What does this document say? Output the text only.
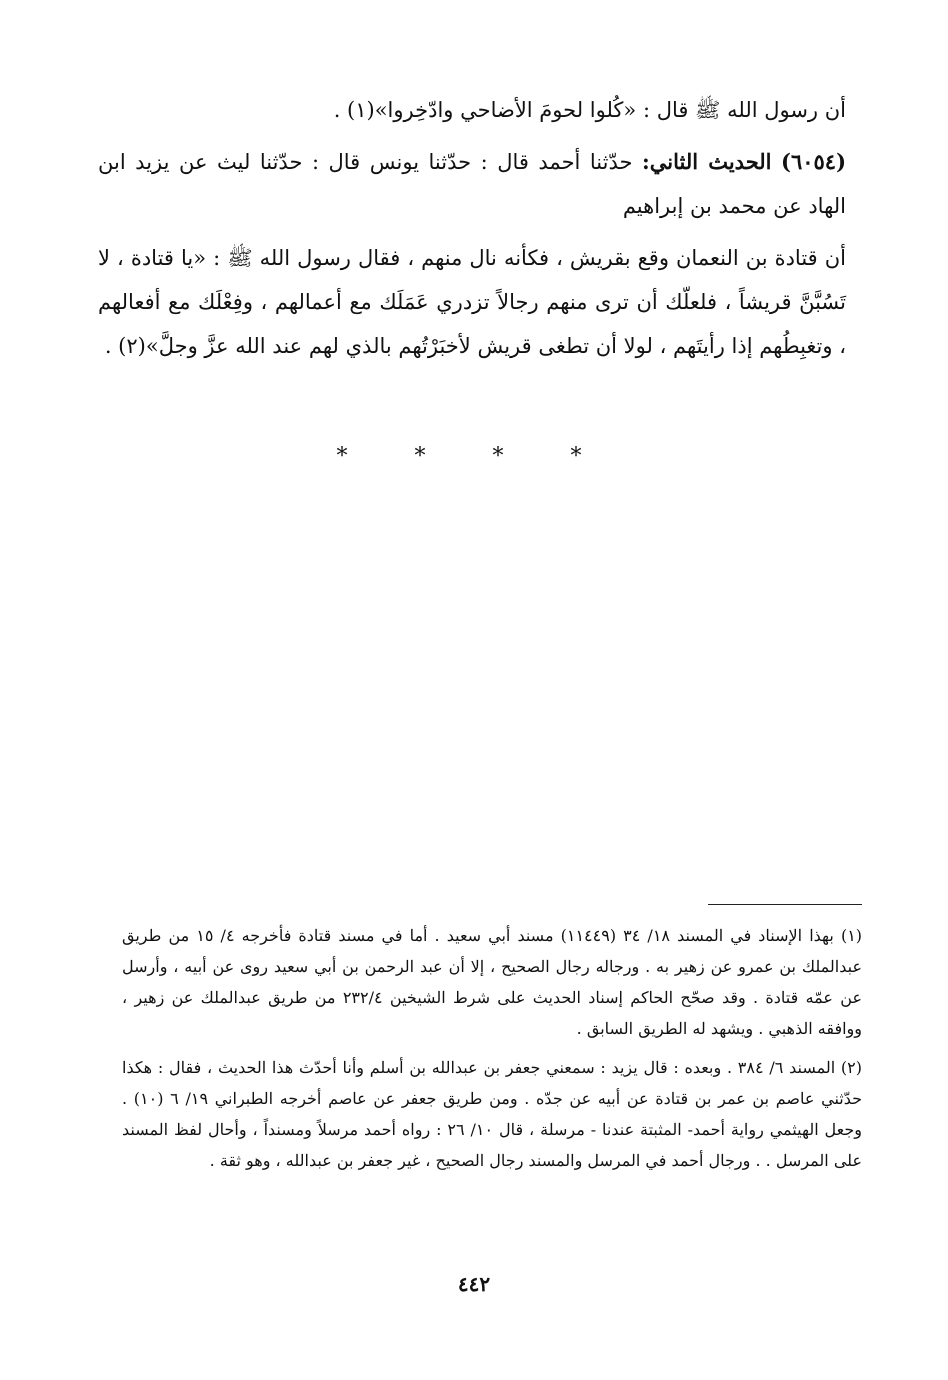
أن رسول الله ﷺ قال : «كُلوا لحومَ الأضاحي وادّخِروا»(١) .

(٦٠٥٤) الحديث الثاني: حدّثنا أحمد قال : حدّثنا يونس قال : حدّثنا ليث عن يزيد ابن الهاد عن محمد بن إبراهيم

أن قتادة بن النعمان وقع بقريش ، فكأنه نال منهم ، فقال رسول الله ﷺ : «يا قتادة ، لا تَسُبَّنَّ قريشاً ، فلعلّك أن ترى منهم رجالاً تزدري عَمَلَك مع أعمالهم ، وفِعْلَك مع أفعالهم ، وتغبِطُهم إذا رأيتَهم ، لولا أن تطغى قريش لأخبَرْتُهم بالذي لهم عند الله عزَّ وجلَّ»(٢) .

* * * *

(١) بهذا الإسناد في المسند ١٨/ ٣٤ (١١٤٤٩) مسند أبي سعيد . أما في مسند قتادة فأخرجه ٤/ ١٥ من طريق عبدالملك بن عمرو عن زهير به . ورجاله رجال الصحيح ، إلا أن عبد الرحمن بن أبي سعيد روى عن أبيه ، وأرسل عن عمّه قتادة . وقد صحّح الحاكم إسناد الحديث على شرط الشيخين ٢٣٢/٤ من طريق عبدالملك عن زهير ، ووافقه الذهبي . ويشهد له الطريق السابق .

(٢) المسند ٦/ ٣٨٤ . وبعده : قال يزيد : سمعني جعفر بن عبدالله بن أسلم وأنا أحدّث هذا الحديث ، فقال : هكذا حدّثني عاصم بن عمر بن قتادة عن أبيه عن جدّه . ومن طريق جعفر عن عاصم أخرجه الطبراني ١٩/ ٦ (١٠) . وجعل الهيثمي رواية أحمد- المثبتة عندنا - مرسلة ، قال ١٠/ ٢٦ : رواه أحمد مرسلاً ومسنداً ، وأحال لفظ المسند على المرسل . . ورجال أحمد في المرسل والمسند رجال الصحيح ، غير جعفر بن عبدالله ، وهو ثقة .

٤٤٢
